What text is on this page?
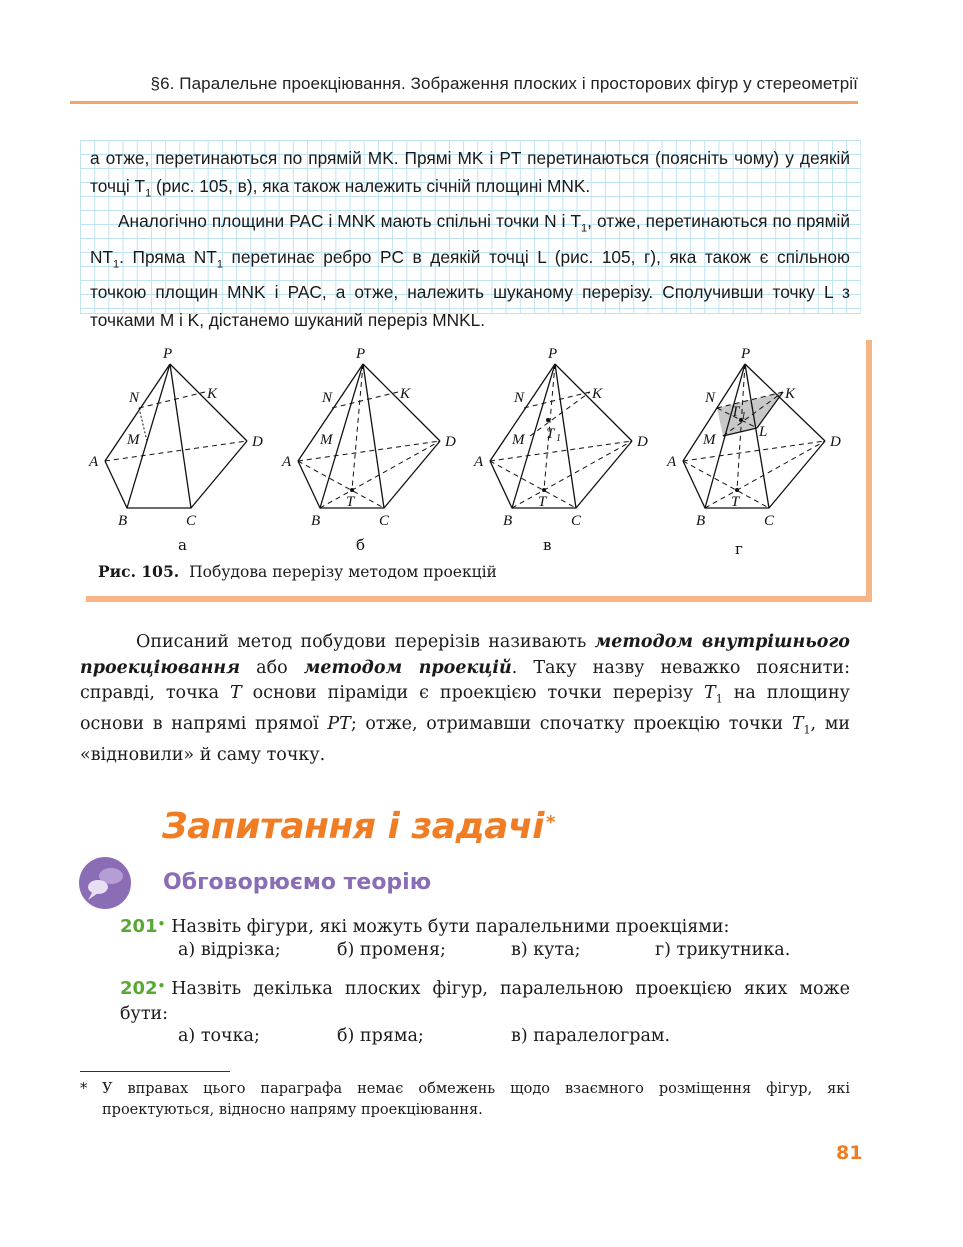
§6. Паралельне проекціювання. Зображення плоских і просторових фігур у стереометрії

а отже, перетинаються по прямій MK. Прямі MK і PT перетинаються (поясніть чому) у деякій точці $T_1$ (рис. 105, в), яка також належить січній площині MNK.

Аналогічно площини PAC і MNK мають спільні точки N і $T_1$, отже, перетинаються по прямій $NT_1$. Пряма $NT_1$ перетинає ребро PC в деякій точці L (рис. 105, г), яка також є спільною точкою площин MNK і PAC, а отже, належить шуканому перерізу. Сполучивши точку L з точками M і K, дістанемо шуканий переріз MNKL.

P
N	K
M
A
D
B	C
P
N	K
M
A
D
B	C
T
P
N	K
M
A
D
B	C
T
T 1
P
N	K
M
A
D
B	C
T
T 1
L
а	б	в	г
Рис. 105. Побудова перерізу методом проекцій

Описаний метод побудови перерізів називають методом внутрішнього проекціювання або методом проекцій. Таку назву неважко пояснити: справді, точка T основи піраміди є проекцією точки перерізу $T_1$ на площину основи в напрямі прямої PT; отже, отримавши спочатку проекцію точки $T_1$, ми «відновили» й саму точку.

Запитання і задачі *
Обговорюємо теорію
201• Назвіть фігури, які можуть бути паралельними проекціями:
а) відрізка;	б) променя;	в) кута;	г) трикутника.
202• Назвіть декілька плоских фігур, паралельною проекцією яких може бути:
а) точка;	б) пряма;	в) паралелограм.
* У вправах цього параграфа немає обмежень щодо взаємного розміщення фігур, які проектуються, відносно напряму проекціювання.
81
